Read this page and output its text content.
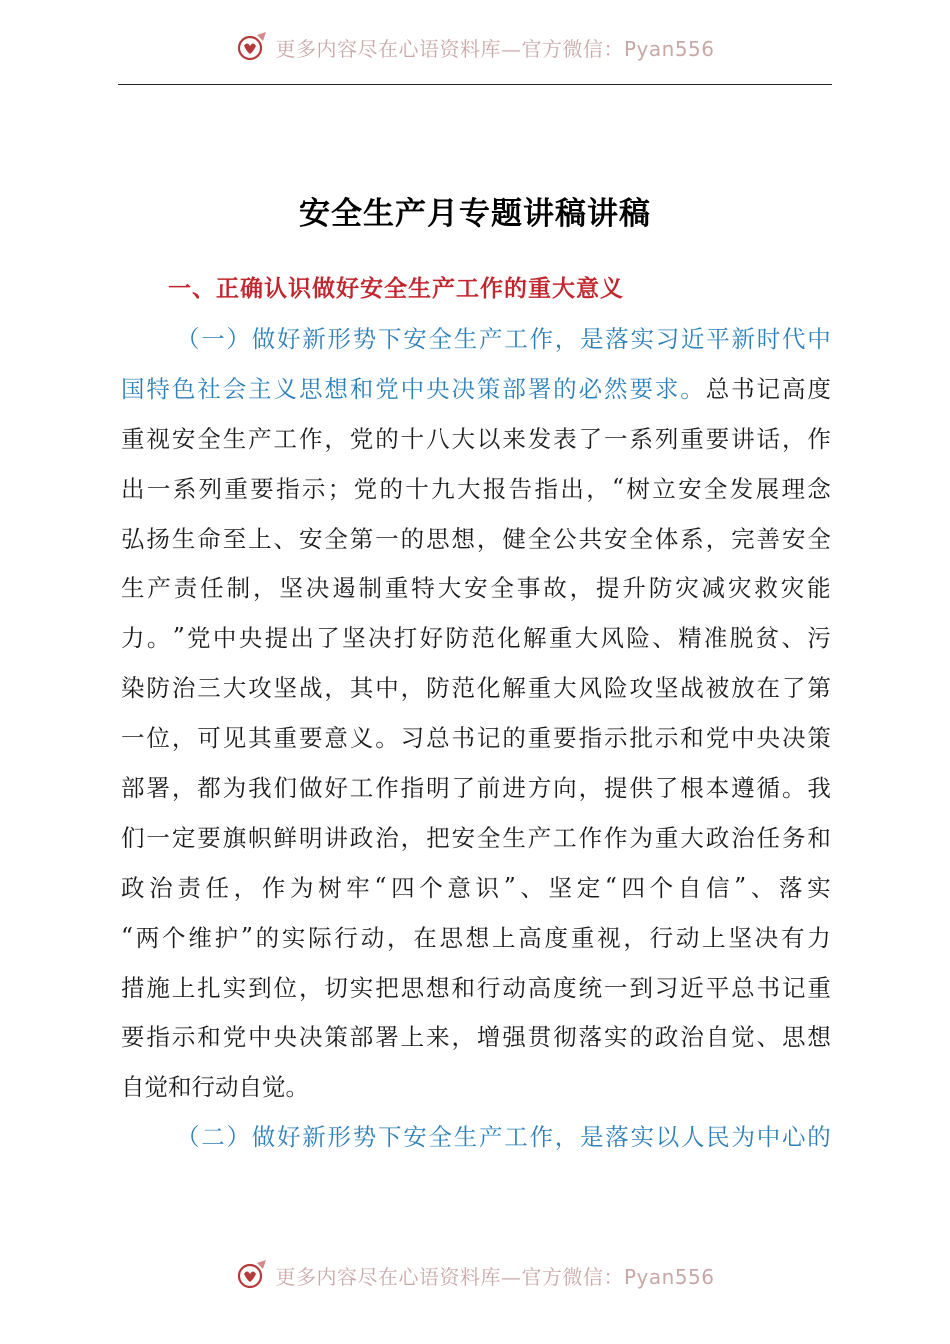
更多内容尽在心语资料库—官方微信：Pyan556
安全生产月专题讲稿讲稿
一、正确认识做好安全生产工作的重大意义
（ 一 ） 做 好 新 形 势 下 安 全 生 产 工 作 ， 是 落 实 习 近 平 新 时 代 中
国 特 色 社 会 主 义 思 想 和 党 中 央 决 策 部 署 的 必 然 要 求 。 总 书 记 高 度
重 视 安 全 生 产 工 作 ， 党 的 十 八 大 以 来 发 表 了 一 系 列 重 要 讲 话 ， 作
出 一 系 列 重 要 指 示 ； 党 的 十 九 大 报 告 指 出 ， “ 树 立 安 全 发 展 理 念
弘 扬 生 命 至 上 、 安 全 第 一 的 思 想 ， 健 全 公 共 安 全 体 系 ， 完 善 安 全
生 产 责 任 制 ， 坚 决 遏 制 重 特 大 安 全 事 故 ， 提 升 防 灾 减 灾 救 灾 能
力 。 ” 党 中 央 提 出 了 坚 决 打 好 防 范 化 解 重 大 风 险 、 精 准 脱 贫 、 污
染 防 治 三 大 攻 坚 战 ， 其 中 ， 防 范 化 解 重 大 风 险 攻 坚 战 被 放 在 了 第
一 位 ， 可 见 其 重 要 意 义 。 习 总 书 记 的 重 要 指 示 批 示 和 党 中 央 决 策
部 署 ， 都 为 我 们 做 好 工 作 指 明 了 前 进 方 向 ， 提 供 了 根 本 遵 循 。 我
们 一 定 要 旗 帜 鲜 明 讲 政 治 ， 把 安 全 生 产 工 作 作 为 重 大 政 治 任 务 和
政 治 责 任 ， 作 为 树 牢 “ 四 个 意 识 ” 、 坚 定 “ 四 个 自 信 ” 、 落 实
“ 两 个 维 护 ” 的 实 际 行 动 ， 在 思 想 上 高 度 重 视 ， 行 动 上 坚 决 有 力
措 施 上 扎 实 到 位 ， 切 实 把 思 想 和 行 动 高 度 统 一 到 习 近 平 总 书 记 重
要 指 示 和 党 中 央 决 策 部 署 上 来 ， 增 强 贯 彻 落 实 的 政 治 自 觉 、 思 想
自 觉 和 行 动 自 觉 。
（ 二 ） 做 好 新 形 势 下 安 全 生 产 工 作 ， 是 落 实 以 人 民 为 中 心 的
更多内容尽在心语资料库—官方微信：Pyan556
